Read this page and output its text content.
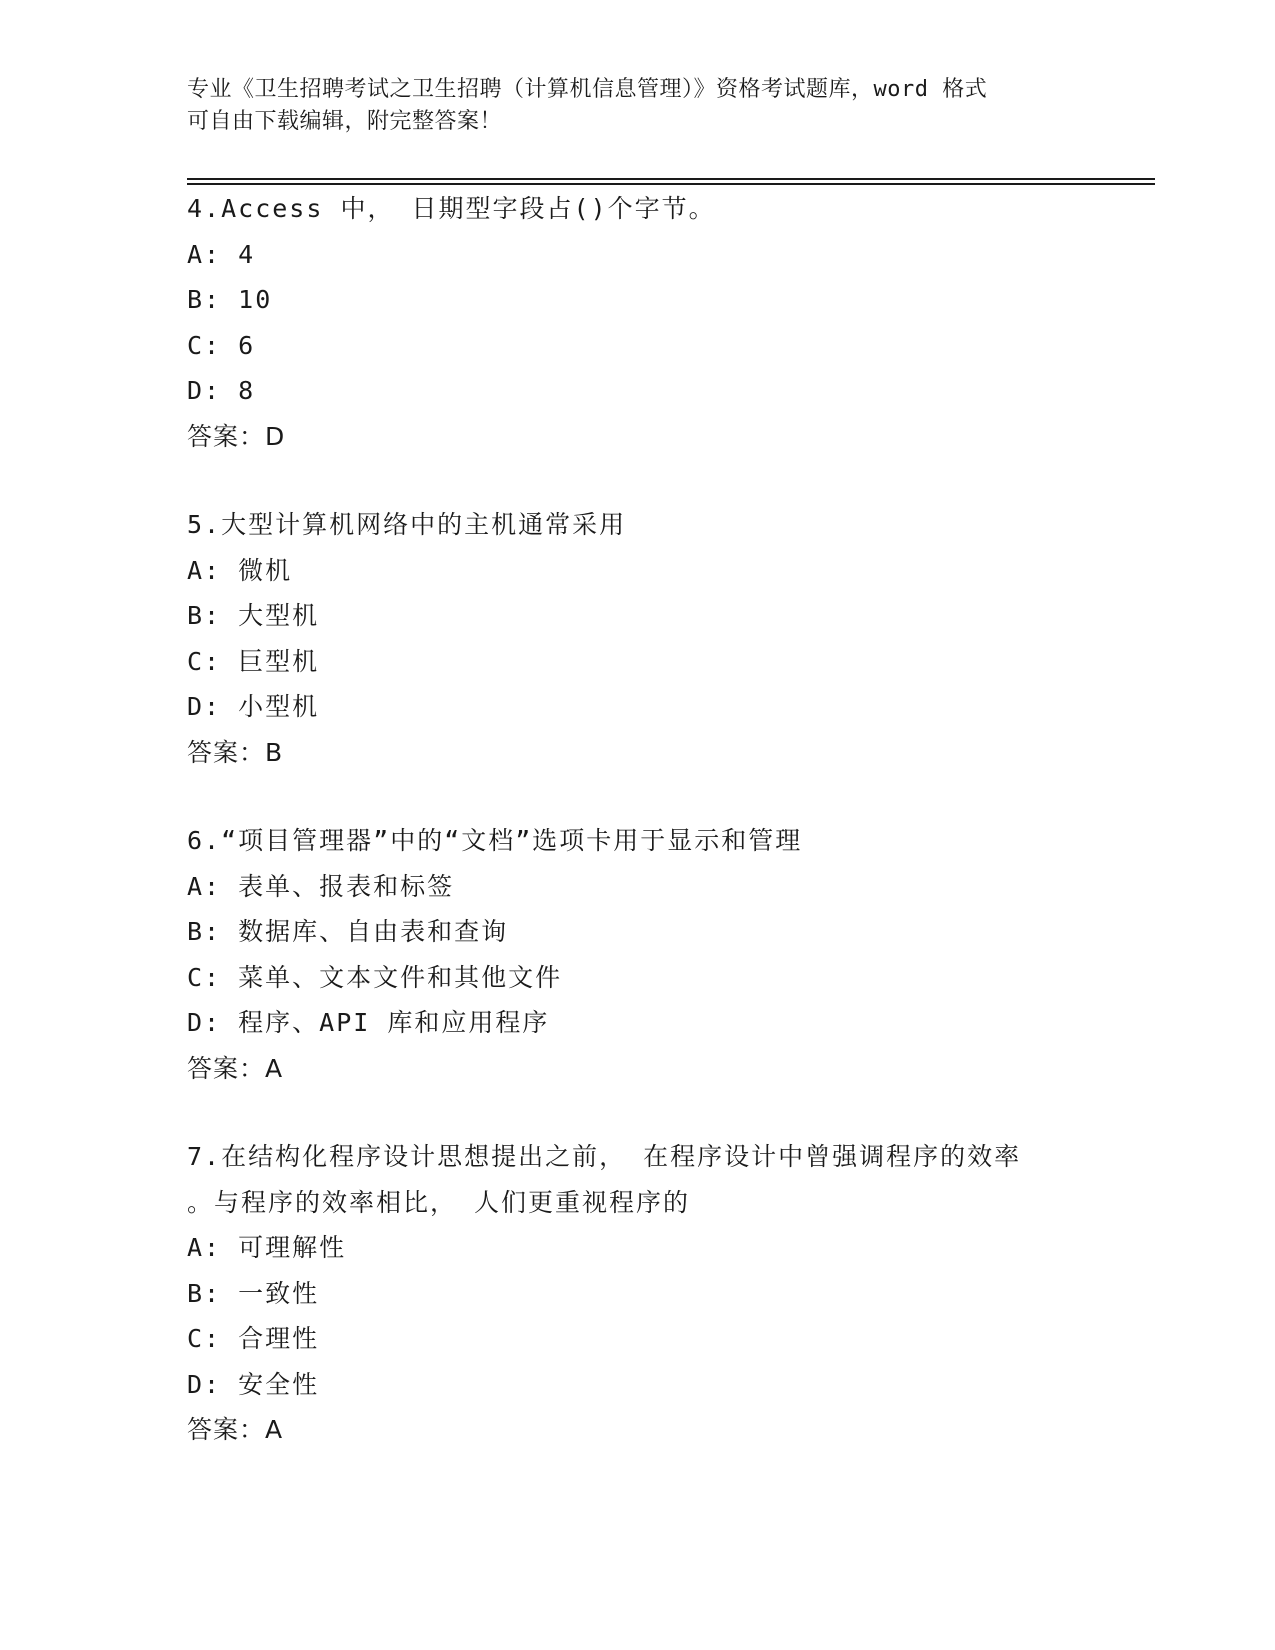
专业《卫生招聘考试之卫生招聘（计算机信息管理）》资格考试题库，word 格式
可自由下载编辑，附完整答案！
4.Access 中， 日期型字段占()个字节。
A: 4
B: 10
C: 6
D: 8
答案：D
5.大型计算机网络中的主机通常采用
A: 微机
B: 大型机
C: 巨型机
D: 小型机
答案：B
6.“项目管理器”中的“文档”选项卡用于显示和管理
A: 表单、报表和标签
B: 数据库、自由表和查询
C: 菜单、文本文件和其他文件
D: 程序、API 库和应用程序
答案：A
7.在结构化程序设计思想提出之前， 在程序设计中曾强调程序的效率
。与程序的效率相比， 人们更重视程序的
A: 可理解性
B: 一致性
C: 合理性
D: 安全性
答案：A
